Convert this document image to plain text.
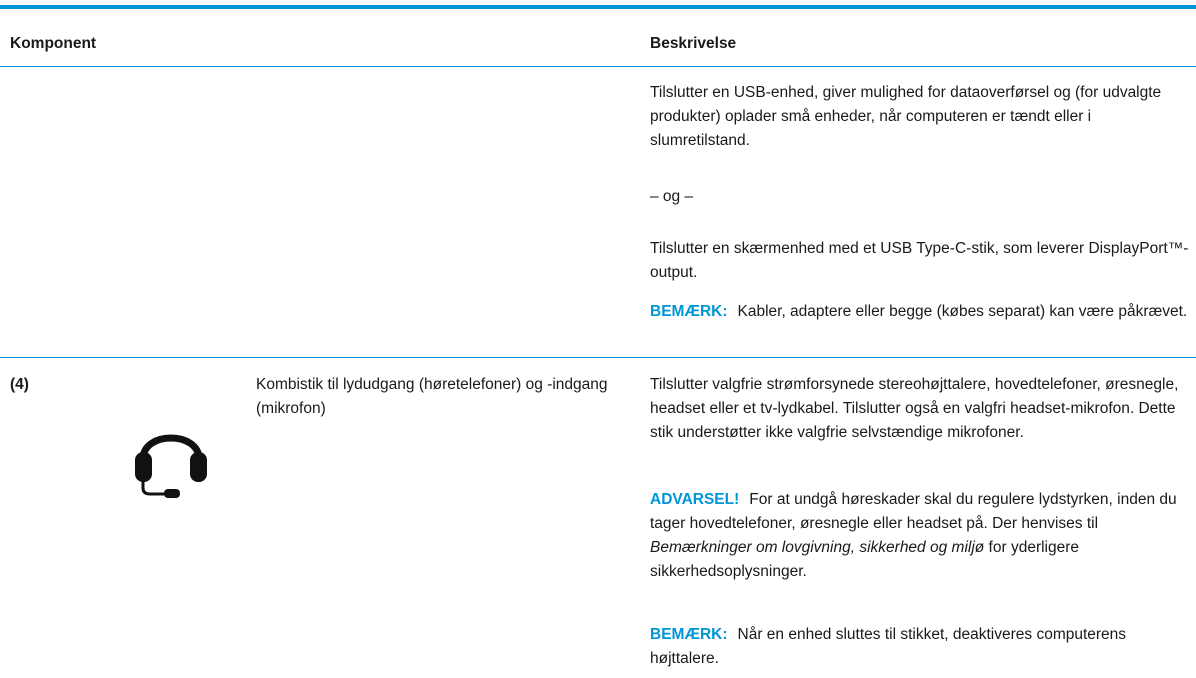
Komponent	Beskrivelse
Tilslutter en USB-enhed, giver mulighed for dataoverførsel og (for udvalgte produkter) oplader små enheder, når computeren er tændt eller i slumretilstand.
– og –
Tilslutter en skærmenhed med et USB Type-C-stik, som leverer DisplayPort™-output.
BEMÆRK: Kabler, adaptere eller begge (købes separat) kan være påkrævet.
(4)	Kombistik til lydudgang (høretelefoner) og -indgang (mikrofon)
Tilslutter valgfrie strømforsynede stereohøjttalere, hovedtelefoner, øresnegle, headset eller et tv-lydkabel. Tilslutter også en valgfri headset-mikrofon. Dette stik understøtter ikke valgfrie selvstændige mikrofoner.
ADVARSEL! For at undgå høreskader skal du regulere lydstyrken, inden du tager hovedtelefoner, øresnegle eller headset på. Der henvises til Bemærkninger om lovgivning, sikkerhed og miljø for yderligere sikkerhedsoplysninger.
BEMÆRK: Når en enhed sluttes til stikket, deaktiveres computerens højttalere.
